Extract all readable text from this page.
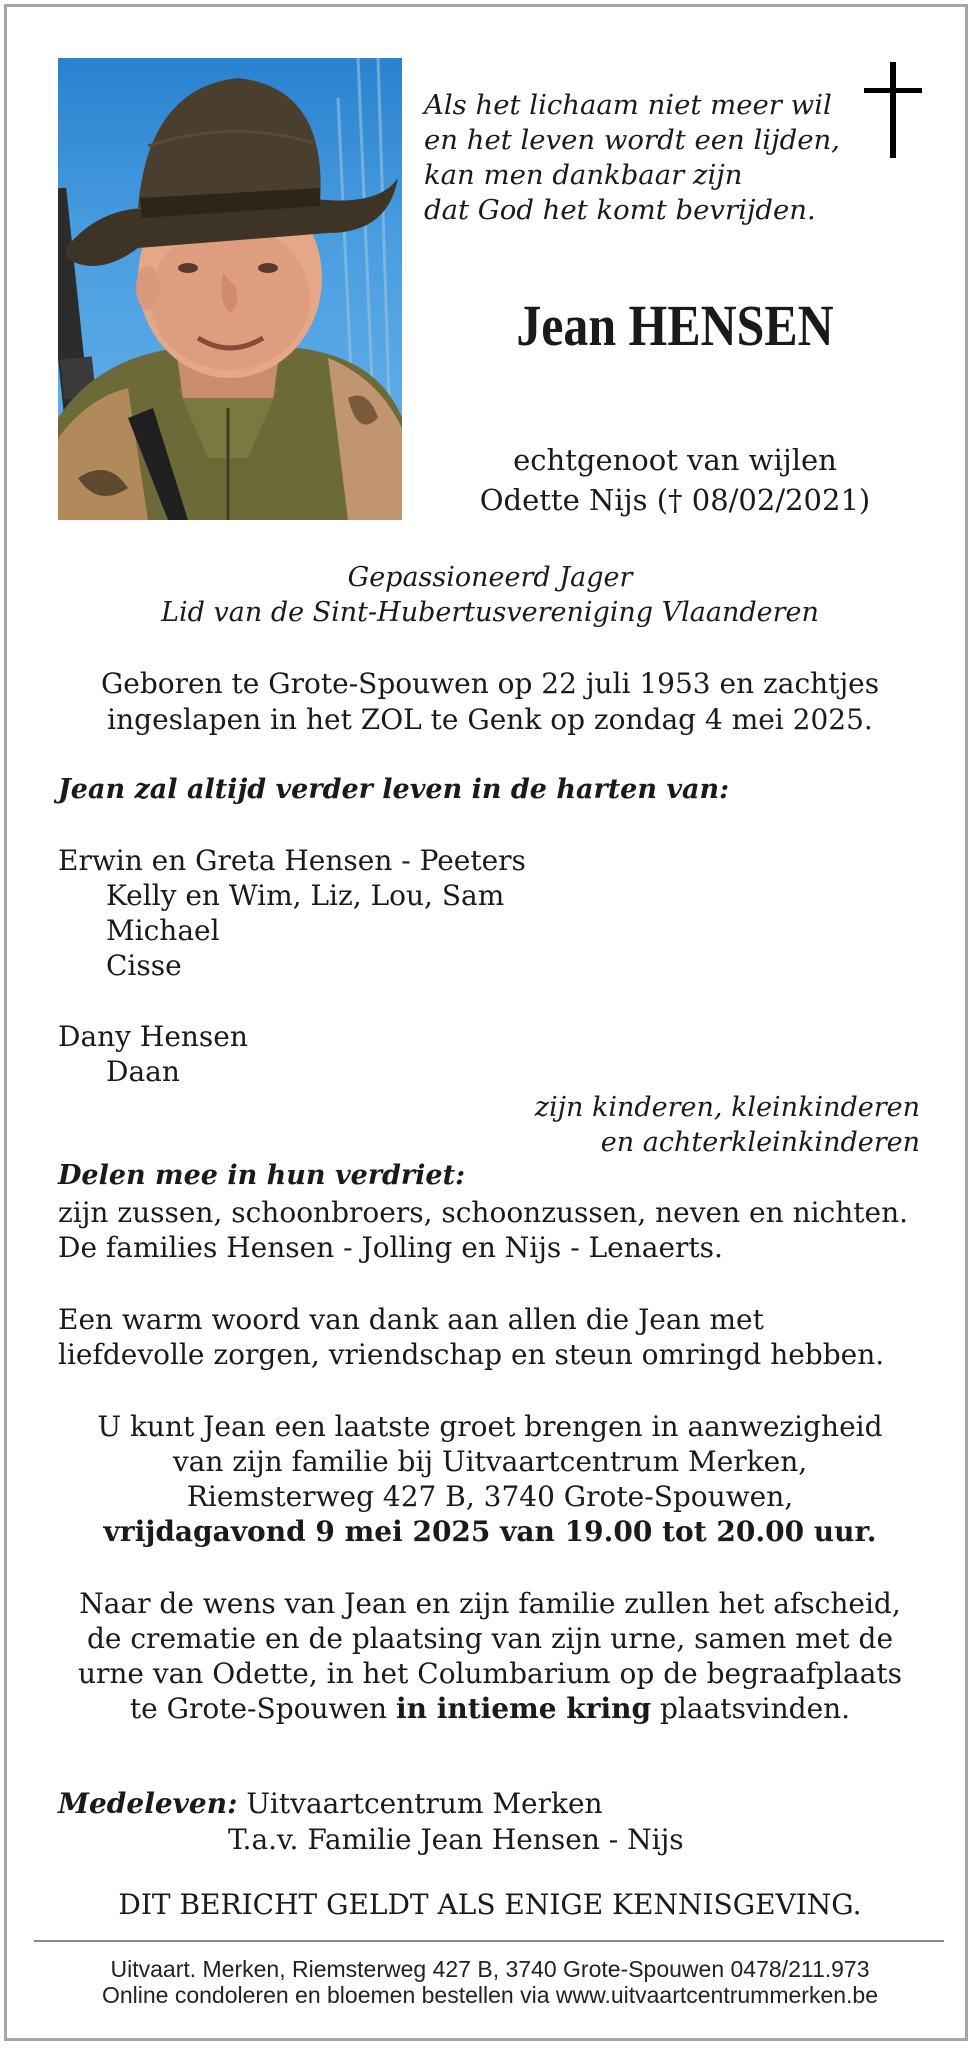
Als het lichaam niet meer wil
en het leven wordt een lijden,
kan men dankbaar zijn
dat God het komt bevrijden.
Jean HENSEN
echtgenoot van wijlen
Odette Nijs († 08/02/2021)
Gepassioneerd Jager
Lid van de Sint-Hubertusvereniging Vlaanderen
Geboren te Grote-Spouwen op 22 juli 1953 en zachtjes
ingeslapen in het ZOL te Genk op zondag 4 mei 2025.
Jean zal altijd verder leven in de harten van:
Erwin en Greta Hensen - Peeters
Kelly en Wim, Liz, Lou, Sam
Michael
Cisse
Dany Hensen
Daan
zijn kinderen, kleinkinderen
en achterkleinkinderen
Delen mee in hun verdriet:
zijn zussen, schoonbroers, schoonzussen, neven en nichten.
De families Hensen - Jolling en Nijs - Lenaerts.
Een warm woord van dank aan allen die Jean met
liefdevolle zorgen, vriendschap en steun omringd hebben.
U kunt Jean een laatste groet brengen in aanwezigheid
van zijn familie bij Uitvaartcentrum Merken,
Riemsterweg 427 B, 3740 Grote-Spouwen,
vrijdagavond 9 mei 2025 van 19.00 tot 20.00 uur.
Naar de wens van Jean en zijn familie zullen het afscheid,
de crematie en de plaatsing van zijn urne, samen met de
urne van Odette, in het Columbarium op de begraafplaats
te Grote-Spouwen in intieme kring plaatsvinden.
Medeleven: Uitvaartcentrum Merken
T.a.v. Familie Jean Hensen - Nijs
DIT BERICHT GELDT ALS ENIGE KENNISGEVING.
Uitvaart. Merken, Riemsterweg 427 B, 3740 Grote-Spouwen 0478/211.973
Online condoleren en bloemen bestellen via www.uitvaartcentrummerken.be
